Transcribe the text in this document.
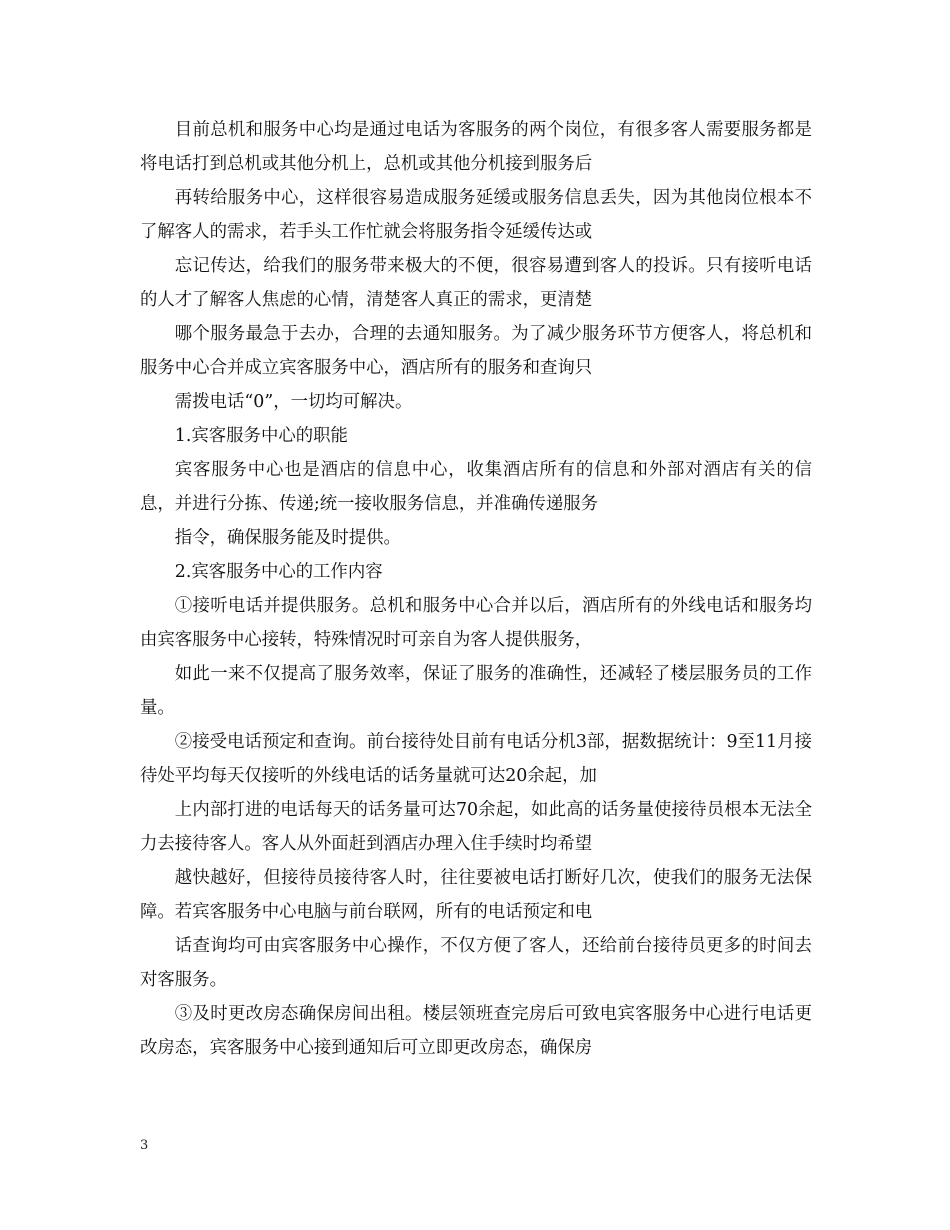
目前总机和服务中心均是通过电话为客服务的两个岗位，有很多客人需要服务都是将电话打到总机或其他分机上，总机或其他分机接到服务后

再转给服务中心，这样很容易造成服务延缓或服务信息丢失，因为其他岗位根本不了解客人的需求，若手头工作忙就会将服务指令延缓传达或

忘记传达，给我们的服务带来极大的不便，很容易遭到客人的投诉。只有接听电话的人才了解客人焦虑的心情，清楚客人真正的需求，更清楚

哪个服务最急于去办，合理的去通知服务。为了减少服务环节方便客人，将总机和服务中心合并成立宾客服务中心，酒店所有的服务和查询只

需拨电话“0”，一切均可解决。

1.宾客服务中心的职能

宾客服务中心也是酒店的信息中心，收集酒店所有的信息和外部对酒店有关的信息，并进行分拣、传递;统一接收服务信息，并准确传递服务

指令，确保服务能及时提供。

2.宾客服务中心的工作内容

①接听电话并提供服务。总机和服务中心合并以后，酒店所有的外线电话和服务均由宾客服务中心接转，特殊情况时可亲自为客人提供服务，

如此一来不仅提高了服务效率，保证了服务的准确性，还减轻了楼层服务员的工作量。

②接受电话预定和查询。前台接待处目前有电话分机3部，据数据统计：9至11月接待处平均每天仅接听的外线电话的话务量就可达20余起，加

上内部打进的电话每天的话务量可达70余起，如此高的话务量使接待员根本无法全力去接待客人。客人从外面赶到酒店办理入住手续时均希望

越快越好，但接待员接待客人时，往往要被电话打断好几次，使我们的服务无法保障。若宾客服务中心电脑与前台联网，所有的电话预定和电

话查询均可由宾客服务中心操作，不仅方便了客人，还给前台接待员更多的时间去对客服务。

③及时更改房态确保房间出租。楼层领班查完房后可致电宾客服务中心进行电话更改房态，宾客服务中心接到通知后可立即更改房态，确保房

3
